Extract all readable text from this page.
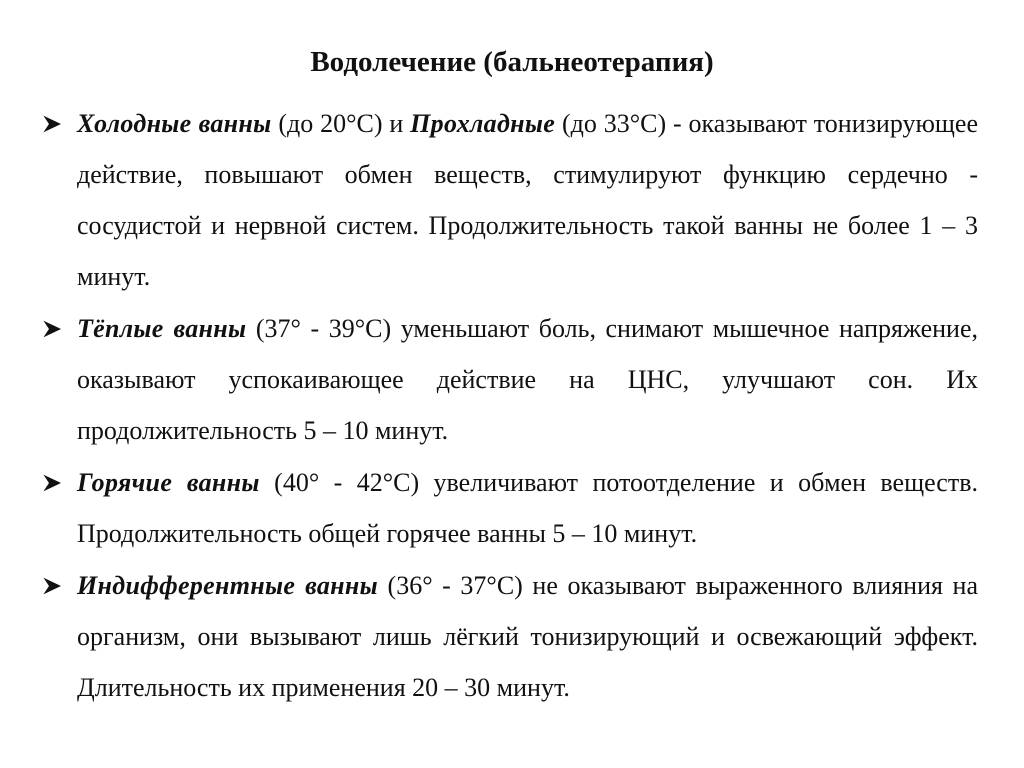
Водолечение (бальнеотерапия)
Холодные ванны (до 20°С) и Прохладные (до 33°С) - оказывают тонизирующее действие, повышают обмен веществ, стимулируют функцию сердечно - сосудистой и нервной систем. Продолжительность такой ванны не более 1 – 3 минут.
Тёплые ванны (37° - 39°С) уменьшают боль, снимают мышечное напряжение, оказывают успокаивающее действие на ЦНС, улучшают сон. Их продолжительность 5 – 10 минут.
Горячие ванны (40° - 42°С) увеличивают потоотделение и обмен веществ. Продолжительность общей горячее ванны 5 – 10 минут.
Индифферентные ванны (36° - 37°С) не оказывают выраженного влияния на организм, они вызывают лишь лёгкий тонизирующий и освежающий эффект. Длительность их применения 20 – 30 минут.
